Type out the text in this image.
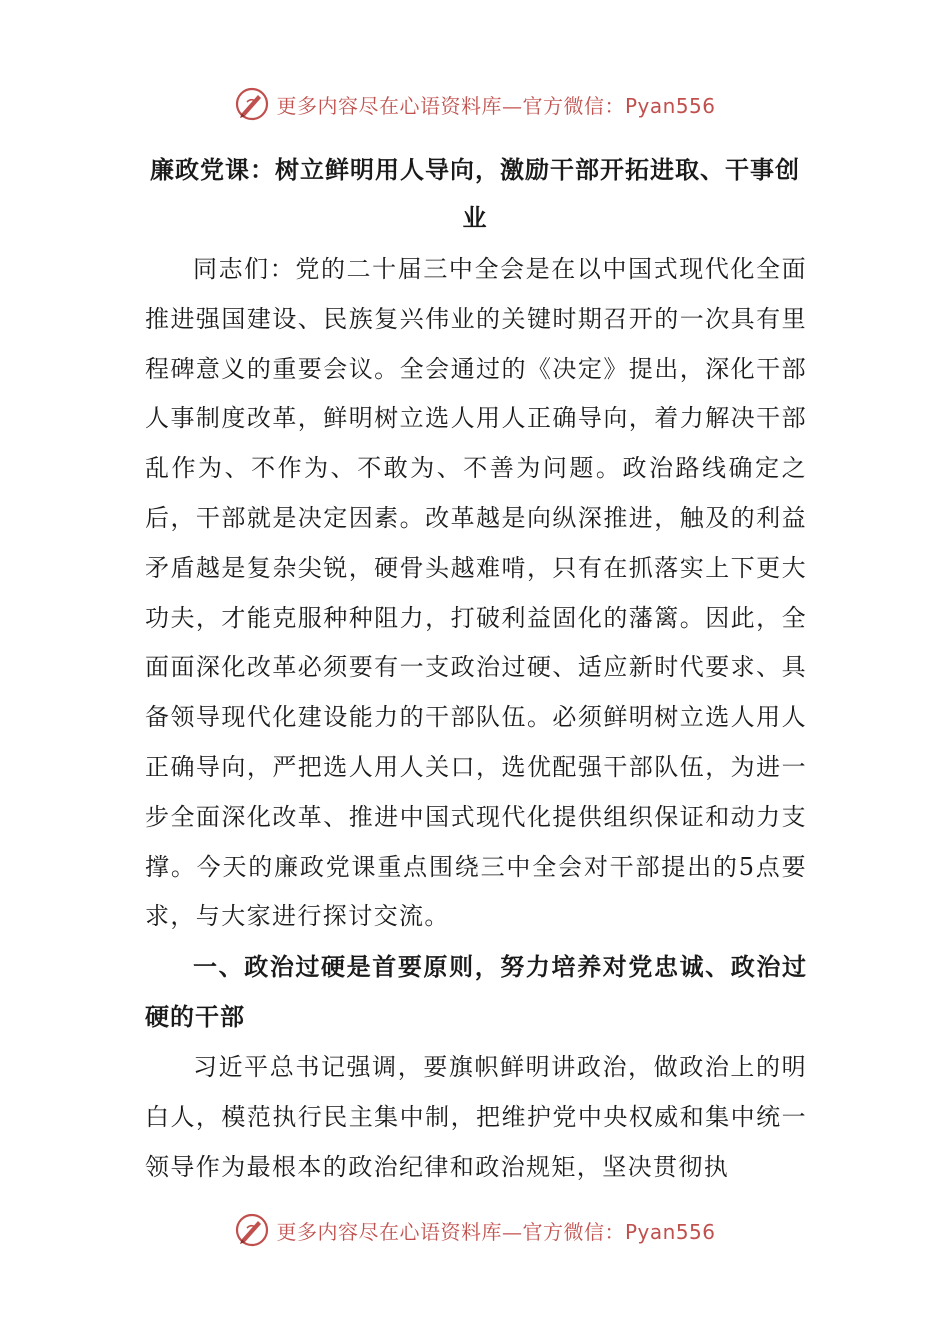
更多内容尽在心语资料库—官方微信：Pyan556
廉政党课：树立鲜明用人导向，激励干部开拓进取、干事创业

同志们：党的二十届三中全会是在以中国式现代化全面推进强国建设、民族复兴伟业的关键时期召开的一次具有里程碑意义的重要会议。全会通过的《决定》提出，深化干部人事制度改革，鲜明树立选人用人正确导向，着力解决干部乱作为、不作为、不敢为、不善为问题。政治路线确定之后，干部就是决定因素。改革越是向纵深推进，触及的利益矛盾越是复杂尖锐，硬骨头越难啃，只有在抓落实上下更大功夫，才能克服种种阻力，打破利益固化的藩篱。因此，全面面深化改革必须要有一支政治过硬、适应新时代要求、具备领导现代化建设能力的干部队伍。必须鲜明树立选人用人正确导向，严把选人用人关口，选优配强干部队伍，为进一步全面深化改革、推进中国式现代化提供组织保证和动力支撑。今天的廉政党课重点围绕三中全会对干部提出的5点要求，与大家进行探讨交流。

一、政治过硬是首要原则，努力培养对党忠诚、政治过硬的干部

习近平总书记强调，要旗帜鲜明讲政治，做政治上的明白人，模范执行民主集中制，把维护党中央权威和集中统一领导作为最根本的政治纪律和政治规矩，坚决贯彻执

更多内容尽在心语资料库—官方微信：Pyan556
